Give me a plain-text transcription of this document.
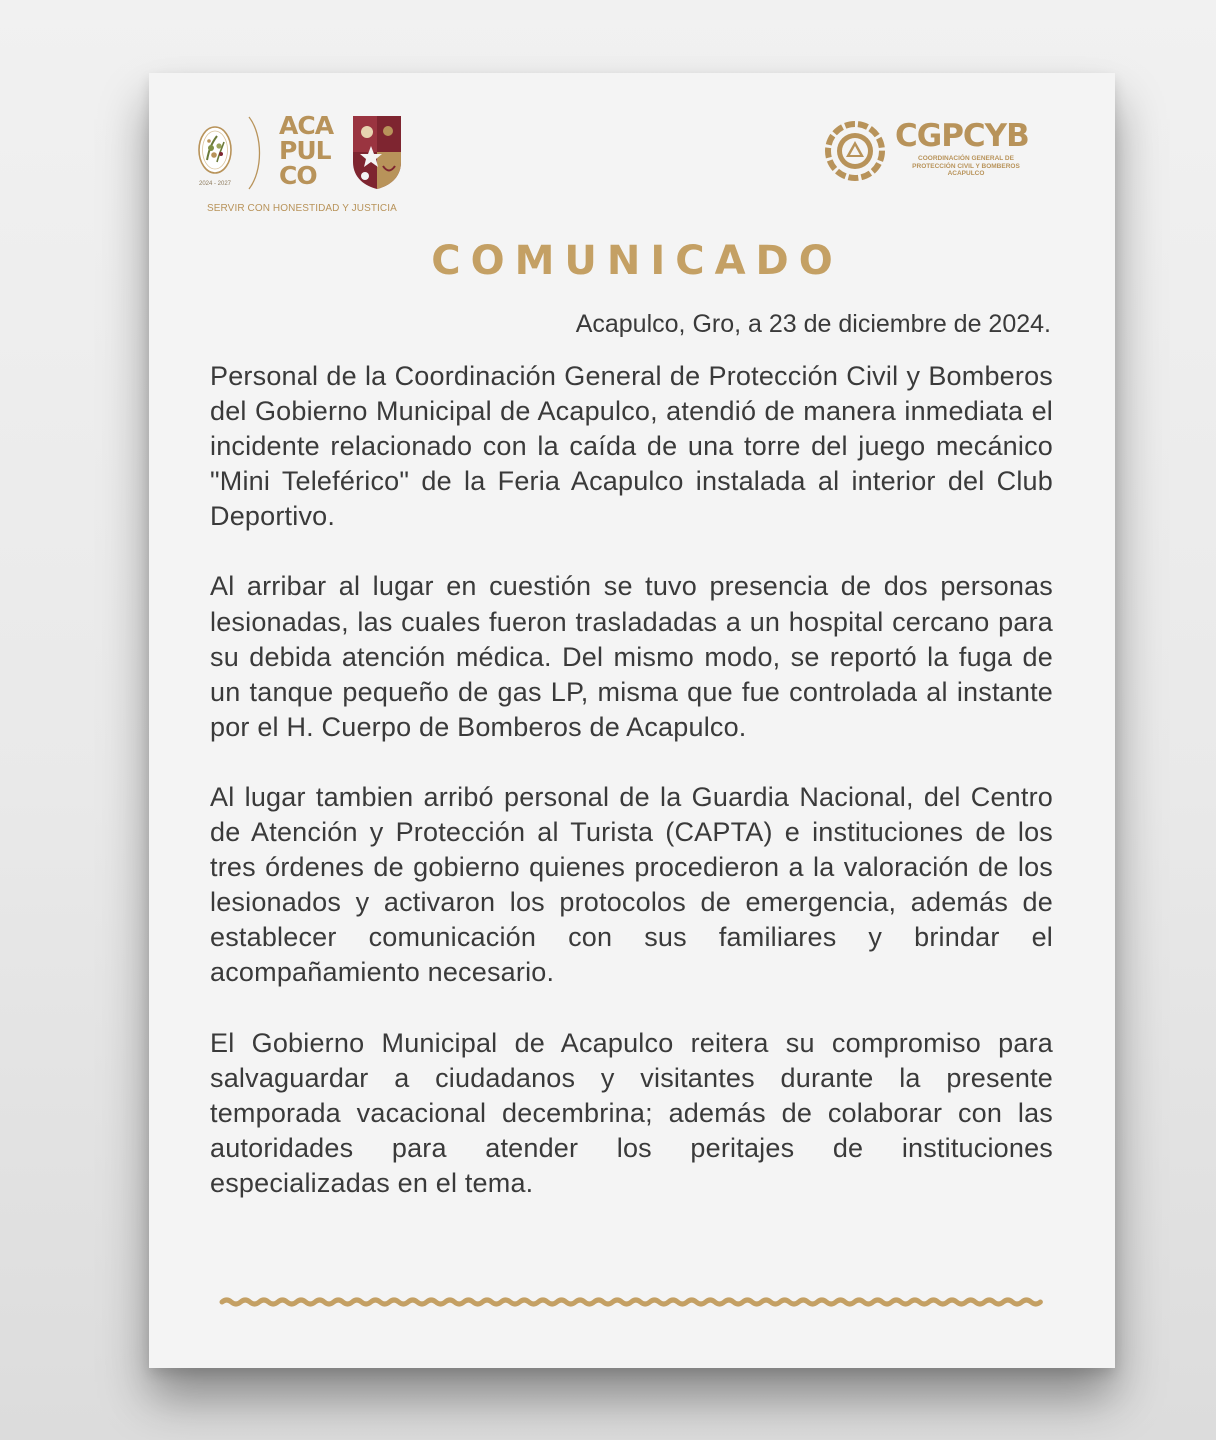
2024 - 2027
ACA
PUL
CO
SERVIR CON HONESTIDAD Y JUSTICIA
CGPCYB
COORDINACIÓN GENERAL DE
PROTECCIÓN CIVIL Y BOMBEROS
ACAPULCO
COMUNICADO
Acapulco, Gro, a 23 de diciembre de 2024.

Personal de la Coordinación General de Protección Civil y Bomberos del Gobierno Municipal de Acapulco, atendió de manera inmediata el incidente relacionado con la caída de una torre del juego mecánico "Mini Teleférico" de la Feria Acapulco instalada al interior del Club Deportivo.

Al arribar al lugar en cuestión se tuvo presencia de dos personas lesionadas, las cuales fueron trasladadas a un hospital cercano para su debida atención médica. Del mismo modo, se reportó la fuga de un tanque pequeño de gas LP, misma que fue controlada al instante por el H. Cuerpo de Bomberos de Acapulco.

Al lugar tambien arribó personal de la Guardia Nacional, del Centro de Atención y Protección al Turista (CAPTA) e instituciones de los tres órdenes de gobierno quienes procedieron a la valoración de los lesionados y activaron los protocolos de emergencia, además de establecer comunicación con sus familiares y brindar el acompañamiento necesario.

El Gobierno Municipal de Acapulco reitera su compromiso para salvaguardar a ciudadanos y visitantes durante la presente temporada vacacional decembrina; además de colaborar con las autoridades para atender los peritajes de instituciones especializadas en el tema.
